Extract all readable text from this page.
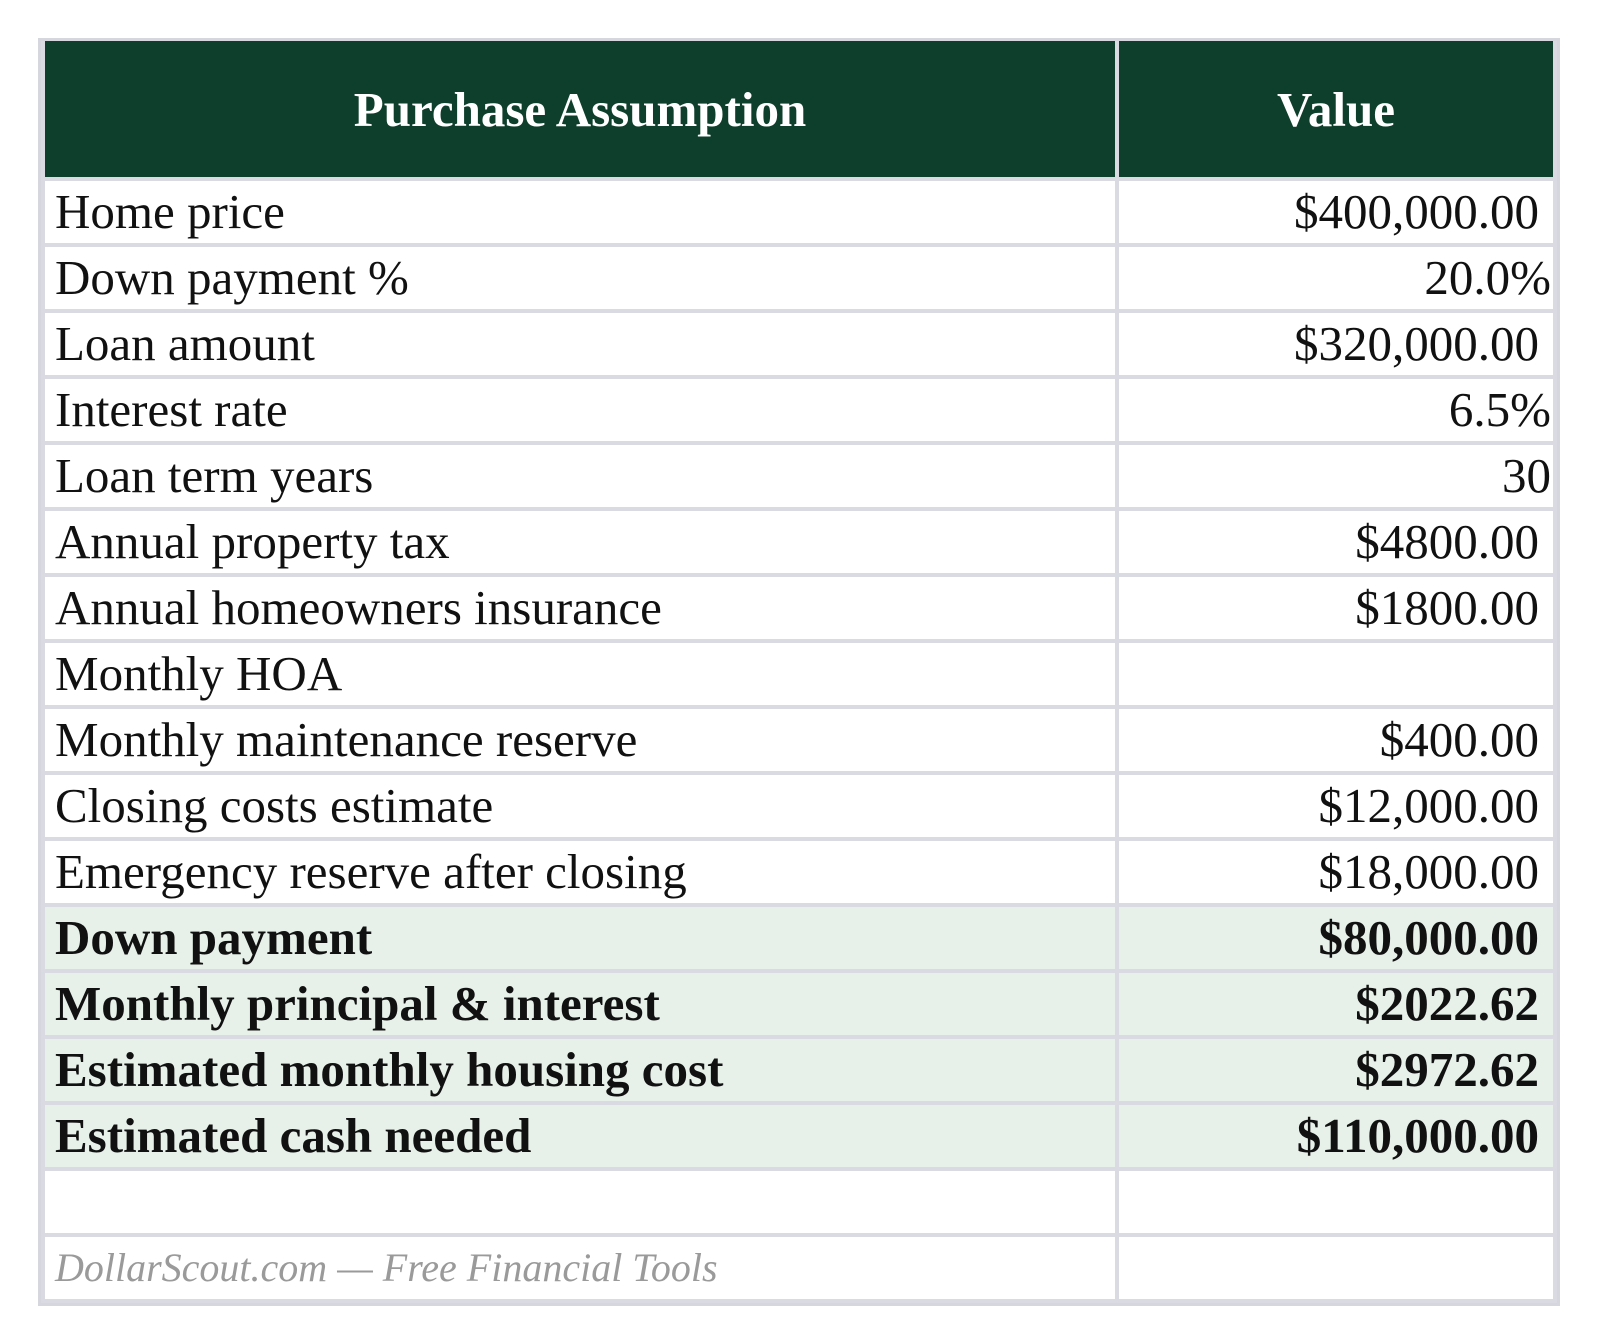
Purchase Assumption	Value
Home price	$400,000.00
Down payment %	20.0%
Loan amount	$320,000.00
Interest rate	6.5%
Loan term years	30
Annual property tax	$4800.00
Annual homeowners insurance	$1800.00
Monthly HOA	
Monthly maintenance reserve	$400.00
Closing costs estimate	$12,000.00
Emergency reserve after closing	$18,000.00
Down payment	$80,000.00
Monthly principal & interest	$2022.62
Estimated monthly housing cost	$2972.62
Estimated cash needed	$110,000.00

DollarScout.com — Free Financial Tools	
